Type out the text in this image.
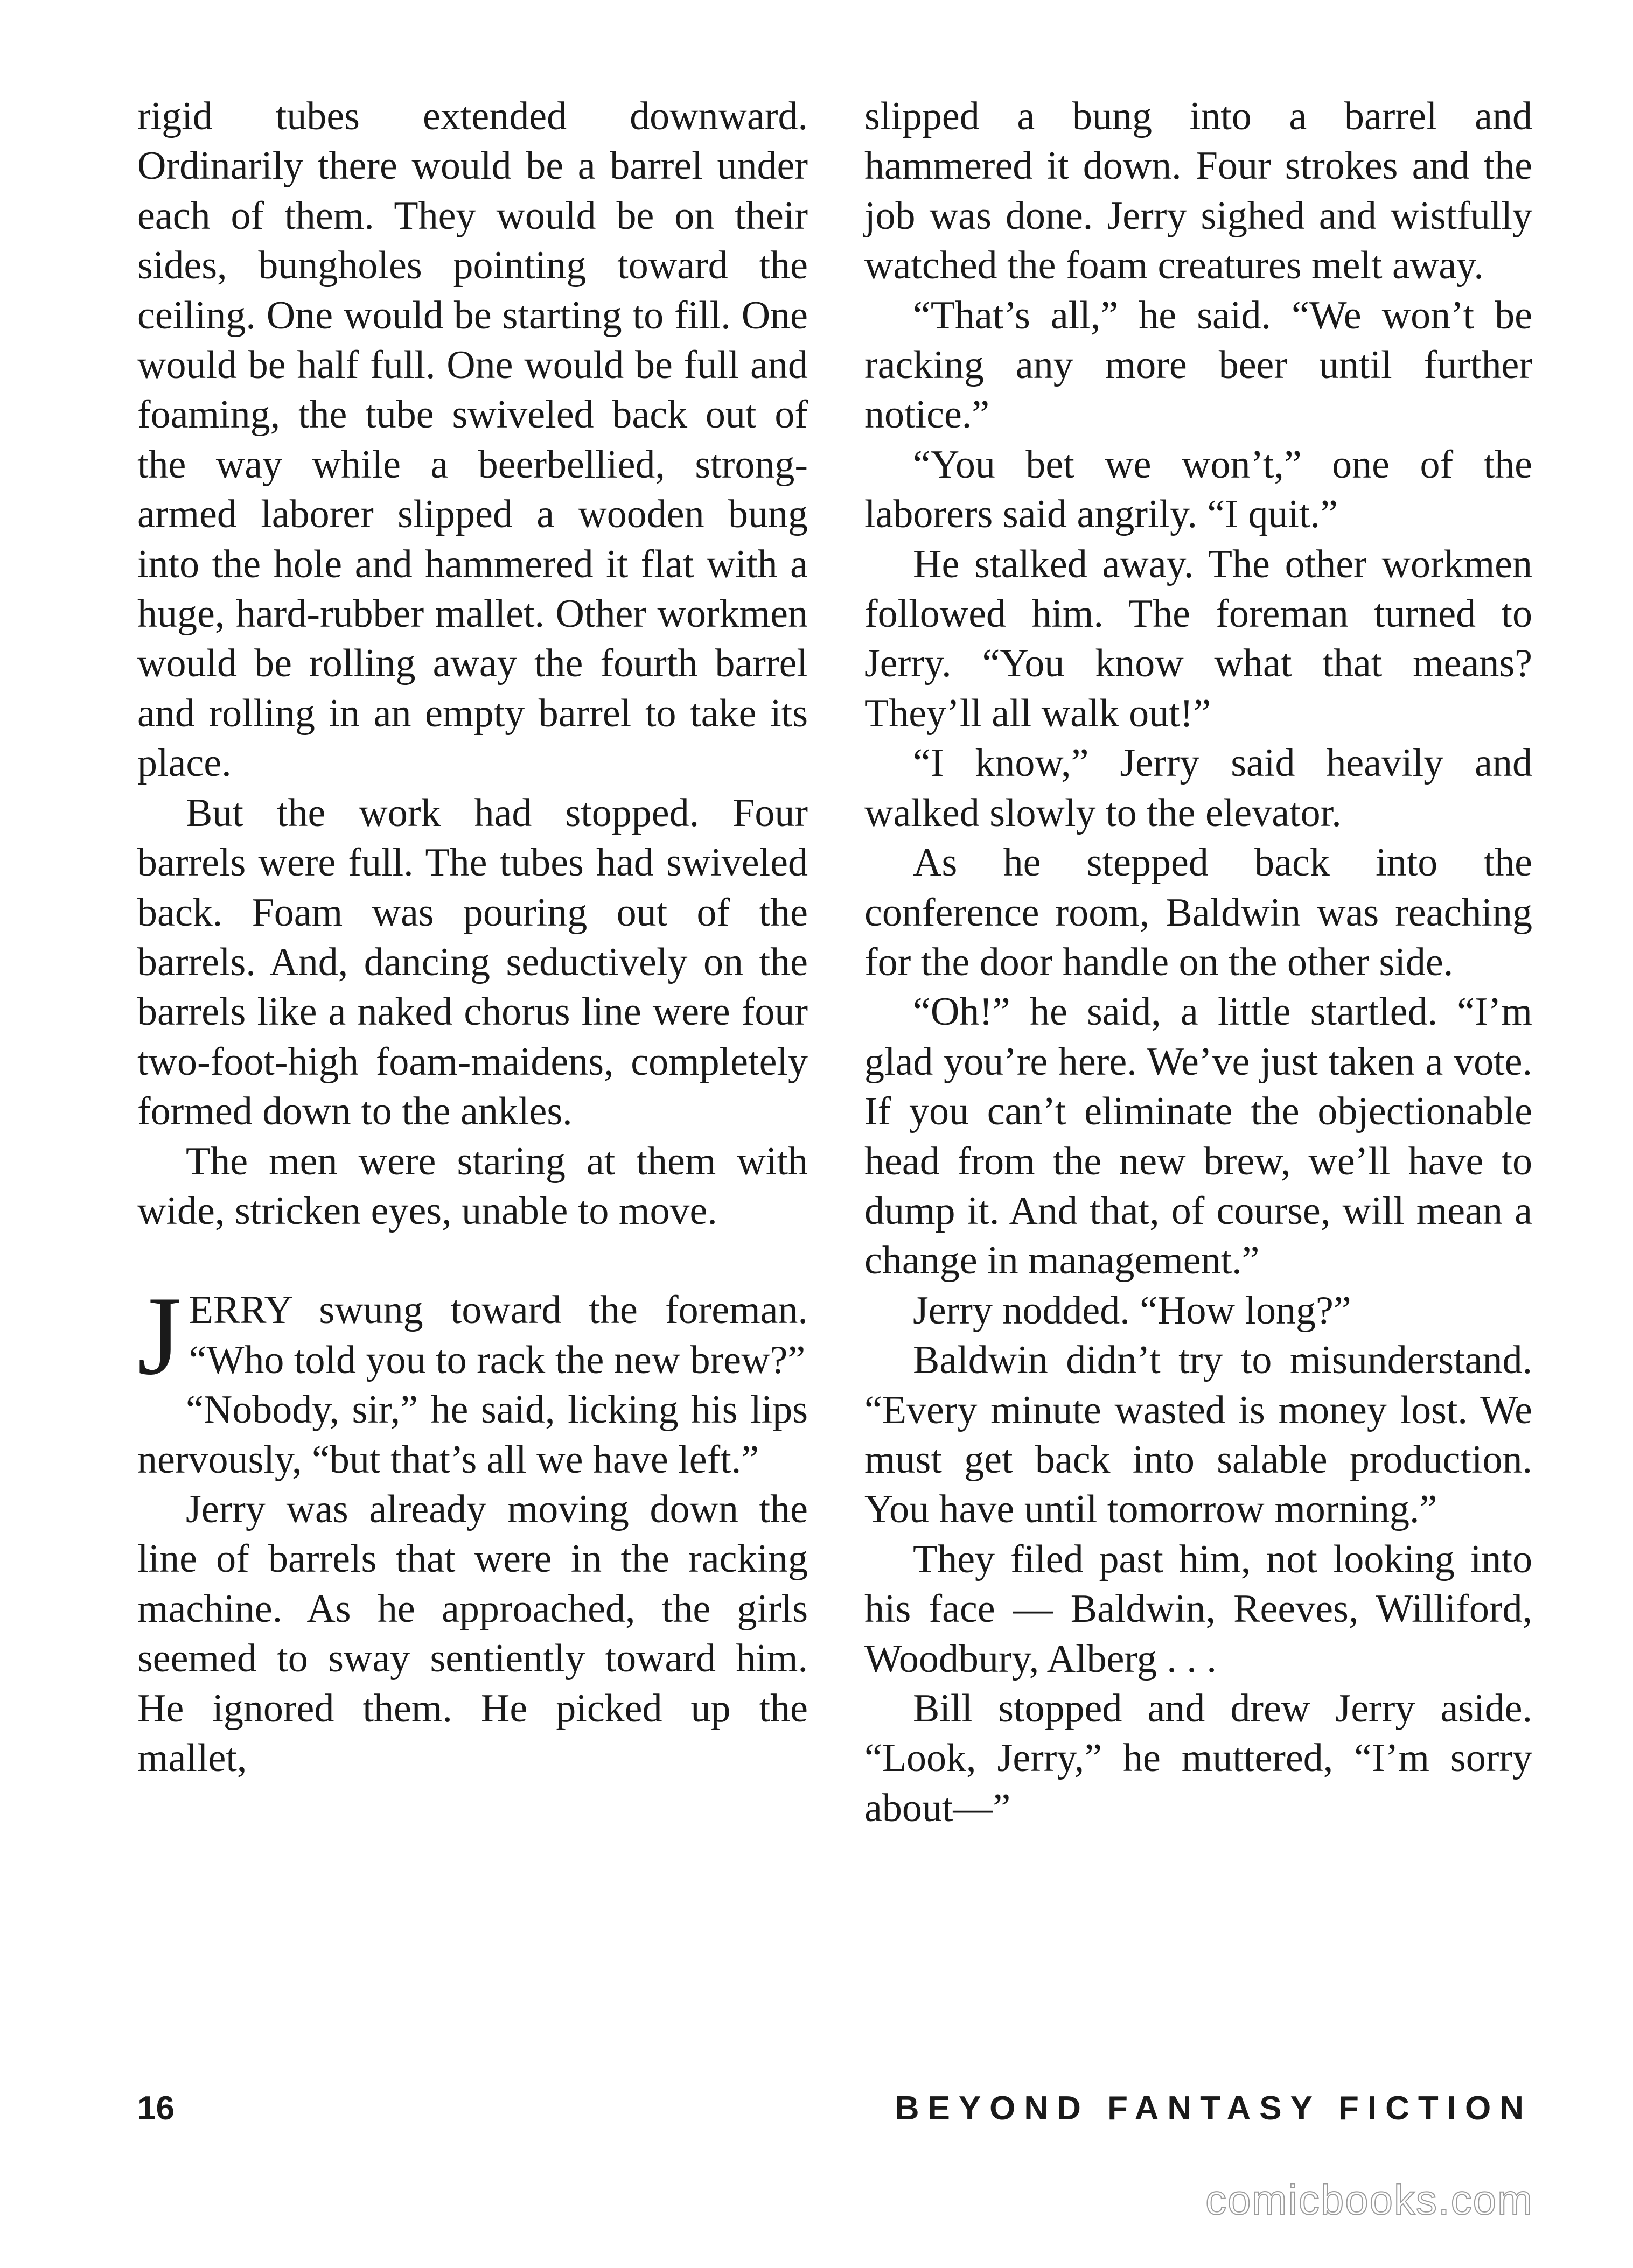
rigid tubes extended downward. Ordinarily there would be a barrel under each of them. They would be on their sides, bungholes pointing toward the ceiling. One would be starting to fill. One would be half full. One would be full and foaming, the tube swiveled back out of the way while a beerbellied, strong-armed laborer slipped a wooden bung into the hole and hammered it flat with a huge, hard-rubber mallet. Other workmen would be rolling away the fourth barrel and rolling in an empty barrel to take its place.

But the work had stopped. Four barrels were full. The tubes had swiveled back. Foam was pouring out of the barrels. And, dancing seductively on the barrels like a naked chorus line were four two-foot-high foam-maidens, completely formed down to the ankles.

The men were staring at them with wide, stricken eyes, unable to move.

JERRY swung toward the foreman. “Who told you to rack the new brew?”

“Nobody, sir,” he said, licking his lips nervously, “but that’s all we have left.”

Jerry was already moving down the line of barrels that were in the racking machine. As he approached, the girls seemed to sway sentiently toward him. He ignored them. He picked up the mallet,

slipped a bung into a barrel and hammered it down. Four strokes and the job was done. Jerry sighed and wistfully watched the foam creatures melt away.

“That’s all,” he said. “We won’t be racking any more beer until further notice.”

“You bet we won’t,” one of the laborers said angrily. “I quit.”

He stalked away. The other workmen followed him. The foreman turned to Jerry. “You know what that means? They’ll all walk out!”

“I know,” Jerry said heavily and walked slowly to the elevator.

As he stepped back into the conference room, Baldwin was reaching for the door handle on the other side.

“Oh!” he said, a little startled. “I’m glad you’re here. We’ve just taken a vote. If you can’t eliminate the objectionable head from the new brew, we’ll have to dump it. And that, of course, will mean a change in management.”

Jerry nodded. “How long?”

Baldwin didn’t try to misunderstand. “Every minute wasted is money lost. We must get back into salable production. You have until tomorrow morning.”

They filed past him, not looking into his face — Baldwin, Reeves, Williford, Woodbury, Alberg . . .

Bill stopped and drew Jerry aside. “Look, Jerry,” he muttered, “I’m sorry about—”

16	BEYOND FANTASY FICTION
comicbooks.com
